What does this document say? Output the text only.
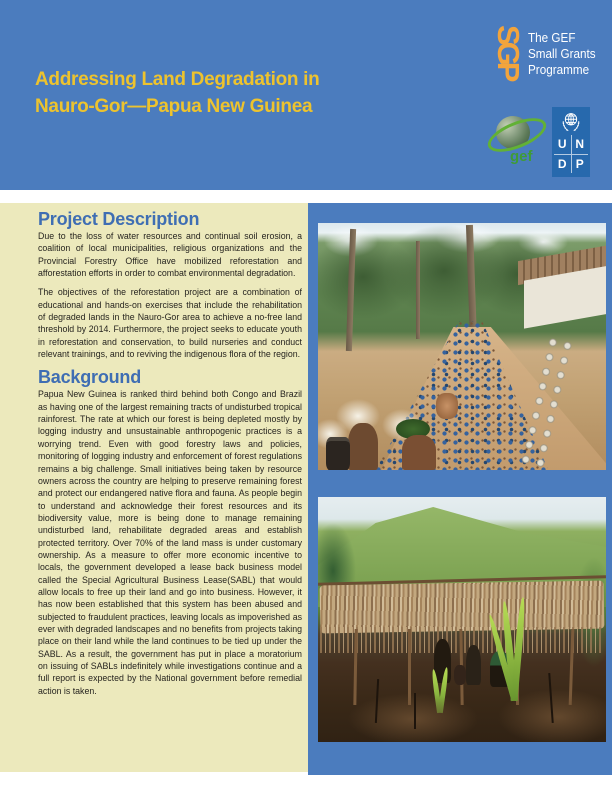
Addressing Land Degradation in
Nauro-Gor—Papua New Guinea
SGP The GEF
Small Grants
Programme
gef
U N
D P
Project Description

Due to the loss of water resources and continual soil erosion, a coalition of local municipalities, religious organizations and the Provincial Forestry Office have mobilized reforestation and afforestation efforts in order to combat environmental degradation.

The objectives of the reforestation project are a combination of educational and hands-on exercises that include the rehabilitation of degraded lands in the Nauro-Gor area to achieve a no-free land threshold by 2014. Furthermore, the project seeks to educate youth in reforestation and conservation, to build nurseries and conduct relevant trainings, and to reviving the indigenous flora of the region.

Background

Papua New Guinea is ranked third behind both Congo and Brazil as having one of the largest remaining tracts of undisturbed tropical rainforest. The rate at which our forest is being depleted mostly by logging industry and unsustainable anthropogenic practices is a worrying trend. Even with good forestry laws and policies, monitoring of logging industry and enforcement of forest regulations remains a big challenge. Small initiatives being taken by resource owners across the country are helping to preserve remaining forest and protect our endangered native flora and fauna. As people begin to understand and acknowledge their forest resources and its biodiversity value, more is being done to manage remaining undisturbed land, rehabilitate degraded areas and establish protected territory. Over 70% of the land mass is under customary ownership. As a measure to offer more economic incentive to locals, the government developed a lease back business model called the Special Agricultural Business Lease(SABL) that would allow locals to free up their land and go into business. However, it has now been established that this system has been abused and subjected to fraudulent practices, leaving locals as impoverished as ever with degraded landscapes and no benefits from projects taking place on their land while the land continues to be tied up under the SABL. As a result, the government has put in place a moratorium on issuing of SABLs indefinitely while investigations continue and a full report is expected by the National government before remedial action is taken.
